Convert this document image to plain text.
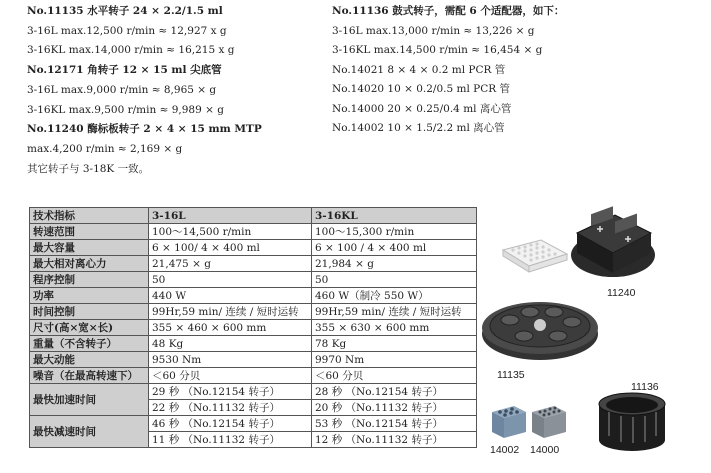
No.11135 水平转子 24 × 2.2/1.5 ml
3-16L max.12,500 r/min ≈ 12,927 x g
3-16KL max.14,000 r/min ≈ 16,215 x g
No.12171 角转子 12 × 15 ml 尖底管
3-16L max.9,000 r/min ≈ 8,965 × g
3-16KL max.9,500 r/min ≈ 9,989 × g
No.11240 酶标板转子 2 × 4 × 15 mm MTP
max.4,200 r/min ≈ 2,169 × g
其它转子与 3-18K 一致。
No.11136 鼓式转子，需配 6 个适配器，如下：
3-16L max.13,000 r/min ≈ 13,226 × g
3-16KL max.14,500 r/min ≈ 16,454 × g
No.14021 8 × 4 × 0.2 ml PCR 管
No.14020 10 × 0.2/0.5 ml PCR 管
No.14000 20 × 0.25/0.4 ml 离心管
No.14002 10 × 1.5/2.2 ml 离心管
技术指标	3-16L	3-16KL
转速范围	100～14,500 r/min	100～15,300 r/min
最大容量	6 × 100/ 4 × 400 ml	6 × 100 / 4 × 400 ml
最大相对离心力	21,475 × g	21,984 × g
程序控制	50	50
功率	440 W	460 W（制冷 550 W）
时间控制	99Hr,59 min/ 连续 / 短时运转	99Hr,59 min/ 连续 / 短时运转
尺寸(高×宽×长)	355 × 460 × 600 mm	355 × 630 × 600 mm
重量（不含转子）	48 Kg	78 Kg
最大动能	9530 Nm	9970 Nm
噪音（在最高转速下）	＜60 分贝	＜60 分贝
最快加速时间	29 秒 （No.12154 转子）	28 秒 （No.12154 转子）
	22 秒 （No.11132 转子）	20 秒 （No.11132 转子）
最快减速时间	46 秒 （No.12154 转子）	53 秒 （No.12154 转子）
	11 秒 （No.11132 转子）	12 秒 （No.11132 转子）
11240
11135
14002 14000
11136
